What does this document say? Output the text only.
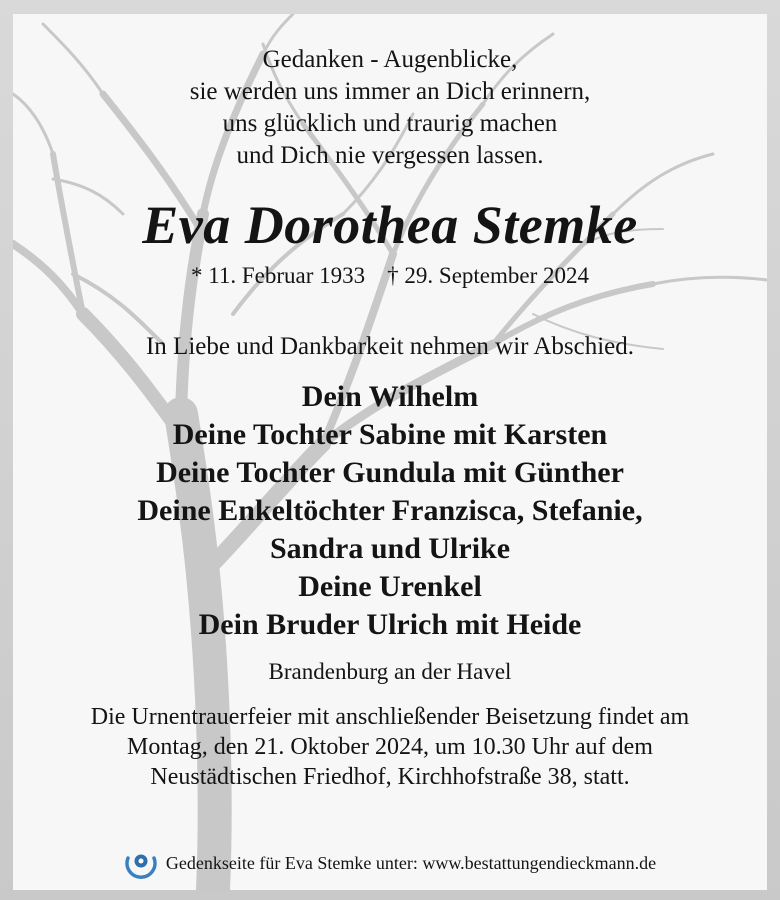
Gedanken - Augenblicke,
sie werden uns immer an Dich erinnern,
uns glücklich und traurig machen
und Dich nie vergessen lassen.
Eva Dorothea Stemke
* 11. Februar 1933 † 29. September 2024
In Liebe und Dankbarkeit nehmen wir Abschied.
Dein Wilhelm
Deine Tochter Sabine mit Karsten
Deine Tochter Gundula mit Günther
Deine Enkeltöchter Franzisca, Stefanie,
Sandra und Ulrike
Deine Urenkel
Dein Bruder Ulrich mit Heide
Brandenburg an der Havel
Die Urnentrauerfeier mit anschließender Beisetzung findet am
Montag, den 21. Oktober 2024, um 10.30 Uhr auf dem
Neustädtischen Friedhof, Kirchhofstraße 38, statt.
Gedenkseite für Eva Stemke unter: www.bestattungendieckmann.de
